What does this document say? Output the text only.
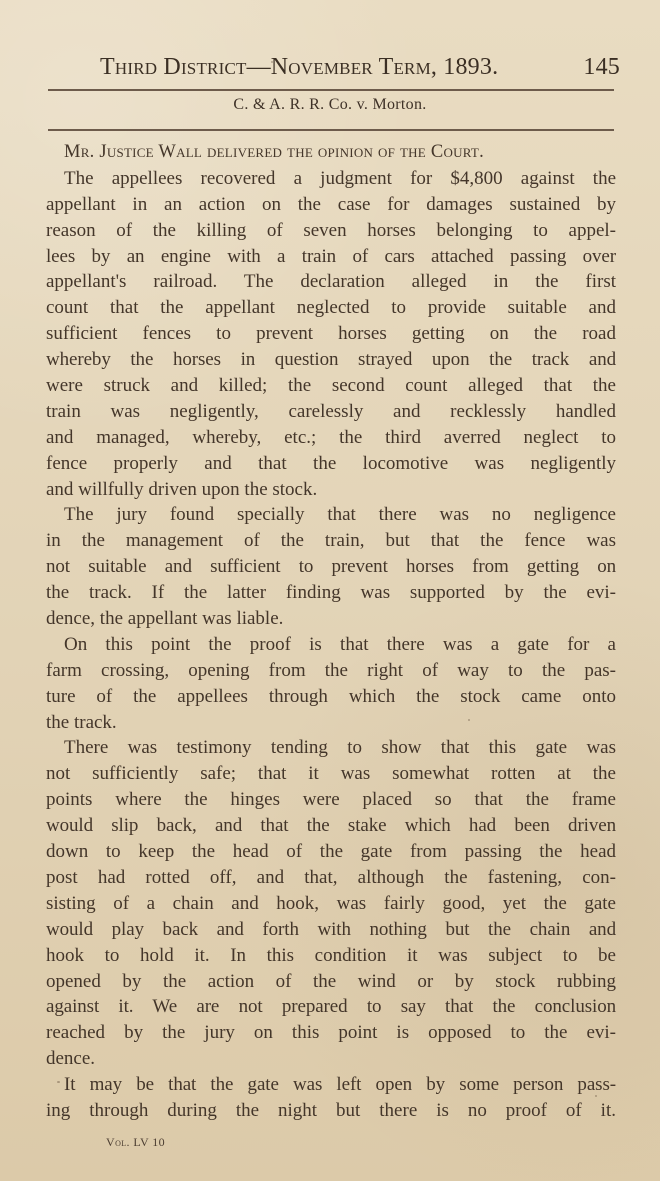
Third District—November Term, 1893.	145
C. & A. R. R. Co. v. Morton.
Mr. Justice Wall delivered the opinion of the Court.
The appellees recovered a judgment for $4,800 against the
appellant in an action on the case for damages sustained by
reason of the killing of seven horses belonging to appel-
lees by an engine with a train of cars attached passing over
appellant's railroad. The declaration alleged in the first
count that the appellant neglected to provide suitable and
sufficient fences to prevent horses getting on the road
whereby the horses in question strayed upon the track and
were struck and killed; the second count alleged that the
train was negligently, carelessly and recklessly handled
and managed, whereby, etc.; the third averred neglect to
fence properly and that the locomotive was negligently
and willfully driven upon the stock.
The jury found specially that there was no negligence
in the management of the train, but that the fence was
not suitable and sufficient to prevent horses from getting on
the track. If the latter finding was supported by the evi-
dence, the appellant was liable.
On this point the proof is that there was a gate for a
farm crossing, opening from the right of way to the pas-
ture of the appellees through which the stock came onto
the track.
There was testimony tending to show that this gate was
not sufficiently safe; that it was somewhat rotten at the
points where the hinges were placed so that the frame
would slip back, and that the stake which had been driven
down to keep the head of the gate from passing the head
post had rotted off, and that, although the fastening, con-
sisting of a chain and hook, was fairly good, yet the gate
would play back and forth with nothing but the chain and
hook to hold it. In this condition it was subject to be
opened by the action of the wind or by stock rubbing
against it. We are not prepared to say that the conclusion
reached by the jury on this point is opposed to the evi-
dence.
It may be that the gate was left open by some person pass-
ing through during the night but there is no proof of it.
Vol. LV 10
